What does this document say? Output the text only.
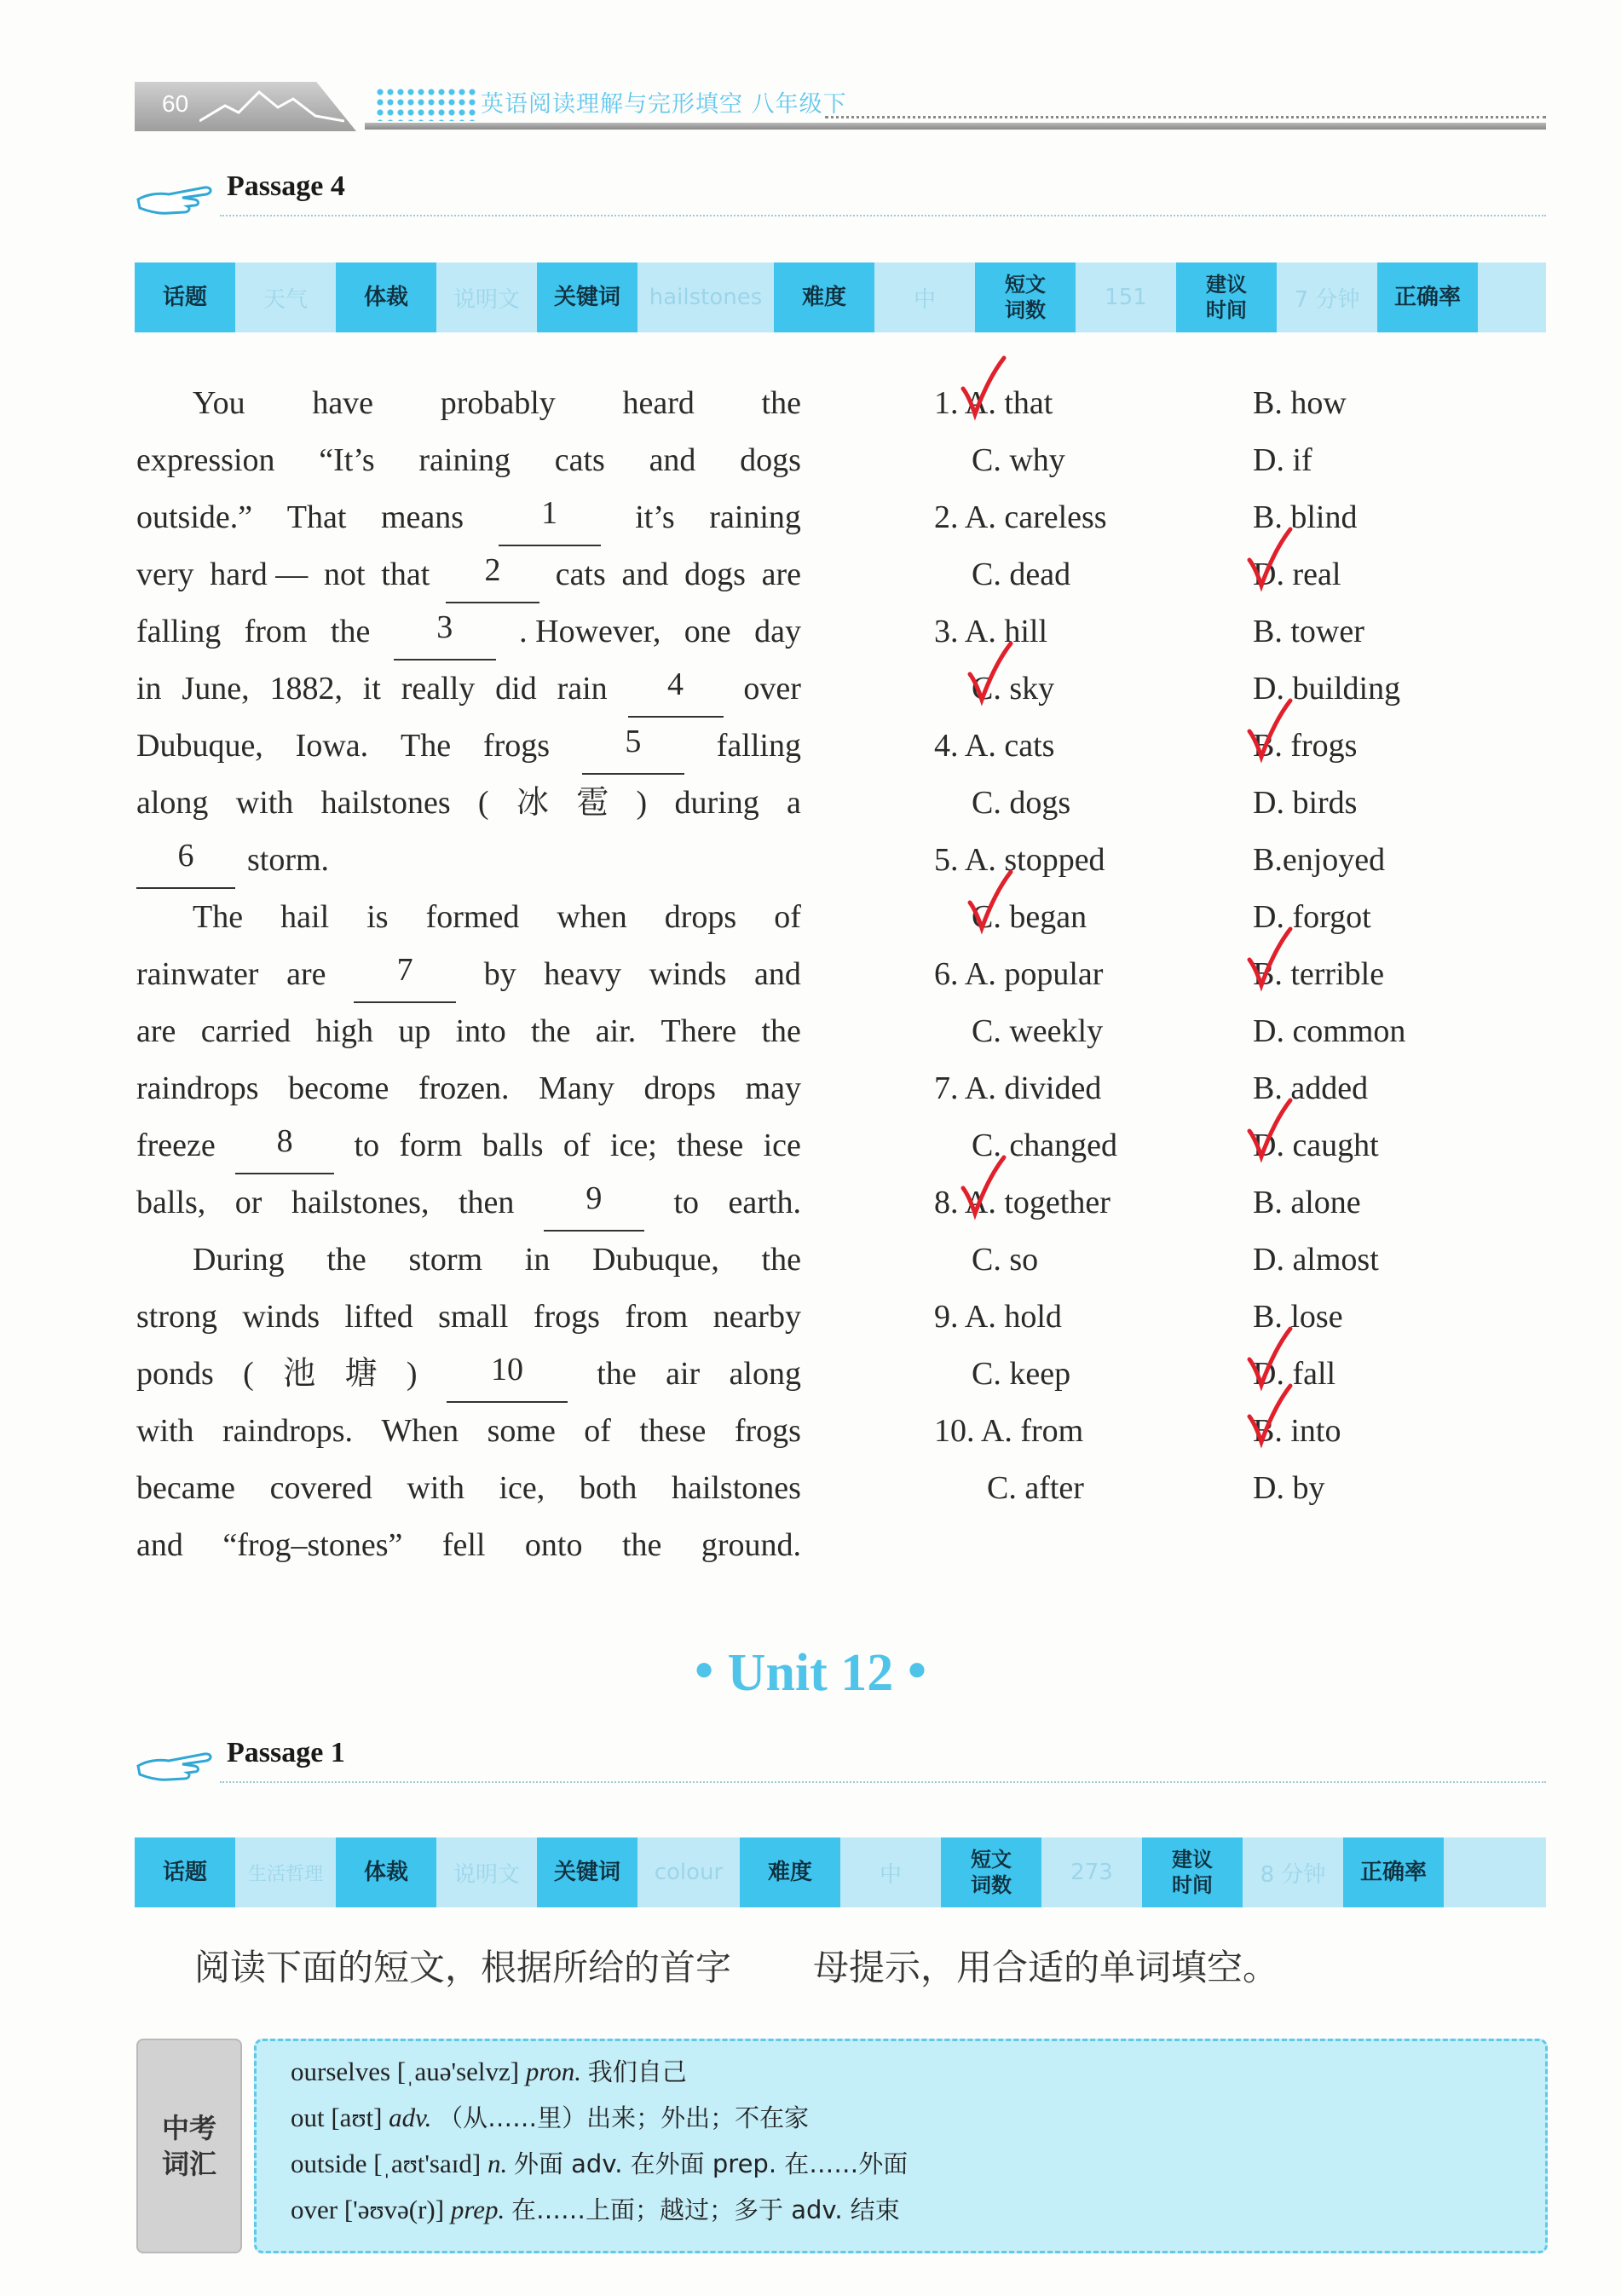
60	英语阅读理解与完形填空 八年级下
Passage 4
话题	天气	体裁	说明文	关键词	hailstones	难度	中
短文词数	151	建议时间	7 分钟	正确率
You have probably heard the
expression “It’s raining cats and dogs
outside.” That means	1	it’s raining
very hard — not that	2	cats and dogs are
falling from the	3	. However, one day
in June, 1882, it really did rain	4	over
Dubuque, Iowa. The frogs	5	falling
along with hailstones ( 冰 雹 ) during a
6	storm.
The hail is formed when drops of
rainwater are	7	by heavy winds and
are carried high up into the air. There the
raindrops become frozen. Many drops may
freeze	8	to form balls of ice; these ice
balls, or hailstones, then	9	to earth.
During the storm in Dubuque, the
strong winds lifted small frogs from nearby
ponds ( 池 塘 )	10	the air along
with raindrops. When some of these frogs
became covered with ice, both hailstones
and “frog–stones” fell onto the ground.
1. A. that	B. how
C. why	D. if
2. A. careless	B. blind
C. dead	D. real
3. A. hill	B. tower
C. sky	D. building
4. A. cats	B. frogs
C. dogs	D. birds
5. A. stopped	B.enjoyed
C. began	D. forgot
6. A. popular	B. terrible
C. weekly	D. common
7. A. divided	B. added
C. changed	D. caught
8. A. together	B. alone
C. so	D. almost
9. A. hold	B. lose
C. keep	D. fall
10. A. from	B. into
C. after	D. by
● Unit 12 ●
Passage 1
话题	生活哲理	体裁	说明文	关键词	colour	难度	中
短文词数	273	建议时间	8 分钟	正确率
阅读下面的短文，根据所给的首字 母提示，用合适的单词填空。
中考词汇
ourselves [ˌauə'selvz] pron. 我们自己
out [aʊt] adv. （从……里）出来；外出；不在家
outside [ˌaʊt'saɪd] n. 外面 adv. 在外面 prep. 在……外面
over ['əʊvə(r)] prep. 在……上面；越过；多于 adv. 结束
